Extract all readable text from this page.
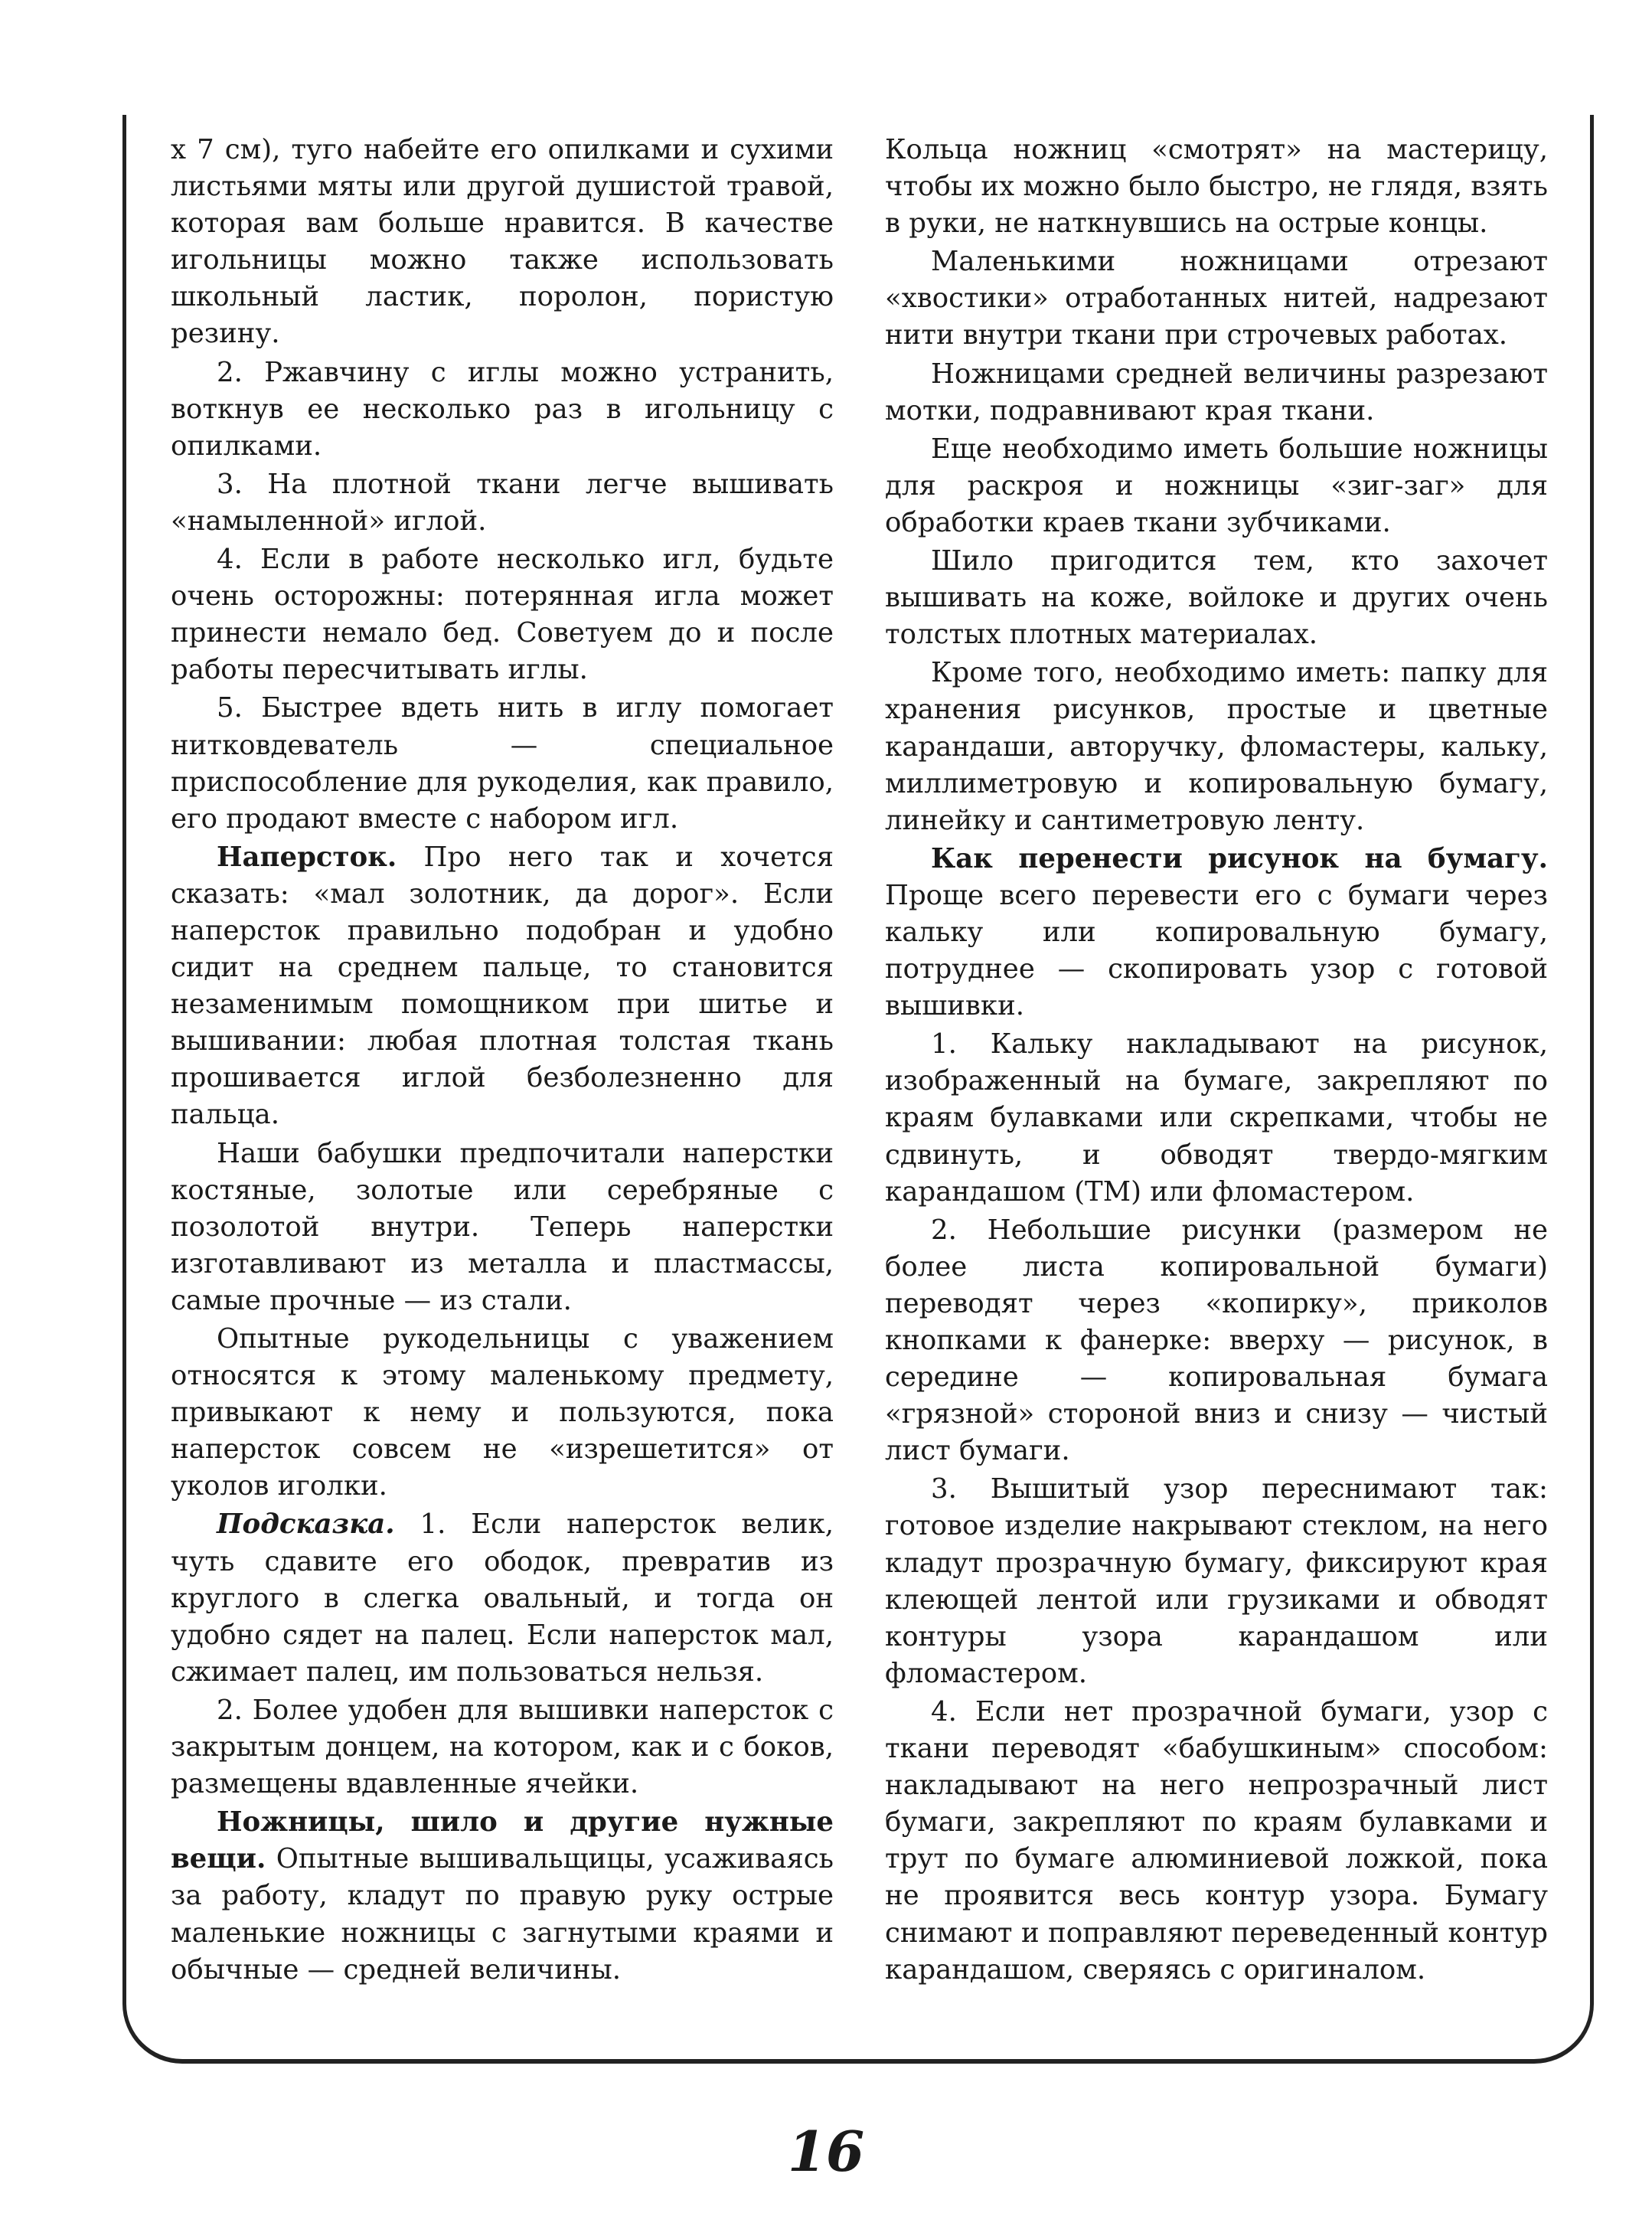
х 7 см), туго набейте его опилками и сухими листьями мяты или другой душистой травой, которая вам больше нравится. В качестве игольницы можно также использовать школьный ластик, поролон, пористую резину.

2. Ржавчину с иглы можно устранить, воткнув ее несколько раз в игольницу с опилками.

3. На плотной ткани легче вышивать «намыленной» иглой.

4. Если в работе несколько игл, будьте очень осторожны: потерянная игла может принести немало бед. Советуем до и после работы пересчитывать иглы.

5. Быстрее вдеть нить в иглу помогает нитковдеватель — специальное приспособление для рукоделия, как правило, его продают вместе с набором игл.

Наперсток. Про него так и хочется сказать: «мал золотник, да дорог». Если наперсток правильно подобран и удобно сидит на среднем пальце, то становится незаменимым помощником при шитье и вышивании: любая плотная толстая ткань прошивается иглой безболезненно для пальца.

Наши бабушки предпочитали наперстки костяные, золотые или серебряные с позолотой внутри. Теперь наперстки изготавливают из металла и пластмассы, самые прочные — из стали.

Опытные рукодельницы с уважением относятся к этому маленькому предмету, привыкают к нему и пользуются, пока наперсток совсем не «изрешетится» от уколов иголки.

Подсказка. 1. Если наперсток велик, чуть сдавите его ободок, превратив из круглого в слегка овальный, и тогда он удобно сядет на палец. Если наперсток мал, сжимает палец, им пользоваться нельзя.

2. Более удобен для вышивки наперсток с закрытым донцем, на котором, как и с боков, размещены вдавленные ячейки.

Ножницы, шило и другие нужные вещи. Опытные вышивальщицы, усаживаясь за работу, кладут по правую руку острые маленькие ножницы с загнутыми краями и обычные — средней величины.

Кольца ножниц «смотрят» на мастерицу, чтобы их можно было быстро, не глядя, взять в руки, не наткнувшись на острые концы.

Маленькими ножницами отрезают «хвостики» отработанных нитей, надрезают нити внутри ткани при строчевых работах.

Ножницами средней величины разрезают мотки, подравнивают края ткани.

Еще необходимо иметь большие ножницы для раскроя и ножницы «зиг-заг» для обработки краев ткани зубчиками.

Шило пригодится тем, кто захочет вышивать на коже, войлоке и других очень толстых плотных материалах.

Кроме того, необходимо иметь: папку для хранения рисунков, простые и цветные карандаши, авторучку, фломастеры, кальку, миллиметровую и копировальную бумагу, линейку и сантиметровую ленту.

Как перенести рисунок на бумагу. Проще всего перевести его с бумаги через кальку или копировальную бумагу, потруднее — скопировать узор с готовой вышивки.

1. Кальку накладывают на рисунок, изображенный на бумаге, закрепляют по краям булавками или скрепками, чтобы не сдвинуть, и обводят твердо-мягким карандашом (ТМ) или фломастером.

2. Небольшие рисунки (размером не более листа копировальной бумаги) переводят через «копирку», приколов кнопками к фанерке: вверху — рисунок, в середине — копировальная бумага «грязной» стороной вниз и снизу — чистый лист бумаги.

3. Вышитый узор переснимают так: готовое изделие накрывают стеклом, на него кладут прозрачную бумагу, фиксируют края клеющей лентой или грузиками и обводят контуры узора карандашом или фломастером.

4. Если нет прозрачной бумаги, узор с ткани переводят «бабушкиным» способом: накладывают на него непрозрачный лист бумаги, закрепляют по краям булавками и трут по бумаге алюминиевой ложкой, пока не проявится весь контур узора. Бумагу снимают и поправляют переведенный контур карандашом, сверяясь с оригиналом.

16
